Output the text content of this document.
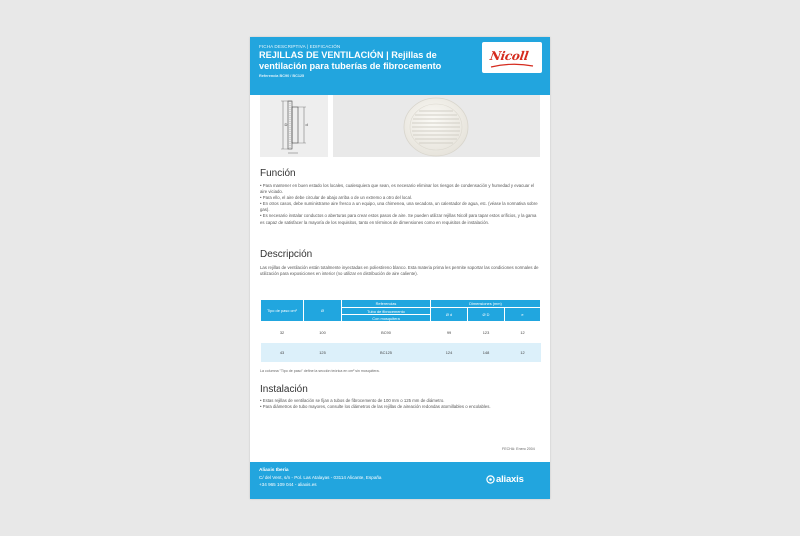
FICHA DESCRIPTIVA | EDIFICACIÓN
REJILLAS DE VENTILACIÓN | Rejillas de ventilación para tuberías de fibrocemento
Referencia BC90 / BC125
Nicoll
D	d
Función

• Para mantener en buen estado los locales, cualesquiera que sean, es necesario eliminar los riesgos de condensación y humedad y evacuar el aire viciado.

• Para ello, el aire debe circular de abajo arriba o de un extremo a otro del local.

• En otros casos, debe suministrarse aire fresco a un equipo, una chimenea, una secadora, un calentador de agua, etc. (véase la normativa sobre gas).

• Es necesario instalar conductos o aberturas para crear estos pasos de aire. Se pueden utilizar rejillas Nicoll para tapar estos orificios, y la gama es capaz de satisfacer la mayoría de los requisitos, tanto en términos de dimensiones como en requisitos de instalación.

Descripción
Las rejillas de ventilación están totalmente inyectadas en poliestireno blanco. Esta materia prima les permite soportar las condiciones normales de utilización para exposiciones en interior (no utilizar en distribución de aire caliente).
Tipo de paso cm²	Ø	Referencias	Dimensiones (mm)		
		Tubo de fibrocemento	Ø d	Ø D	e
		Con mosquitera			
32	100	BC90	99	123	12
43	125	BC125	124	148	12
La columna "Tipo de paso" define la sección teórica en cm² sin mosquitera.
Instalación

• Estas rejillas de ventilación se fijan a tubos de fibrocemento de 100 mm o 125 mm de diámetro.

• Para diámetros de tubo mayores, consulte los diámetros de las rejillas de aireación redondas atornillables o encolables.

FECHA: Enero 2004
Aliaxis Iberia
C/ del Vent, s/n - Pol. Las Atalayas - 03114 Alicante, España
+34 965 109 044 - aliaxis.es	aliaxis
